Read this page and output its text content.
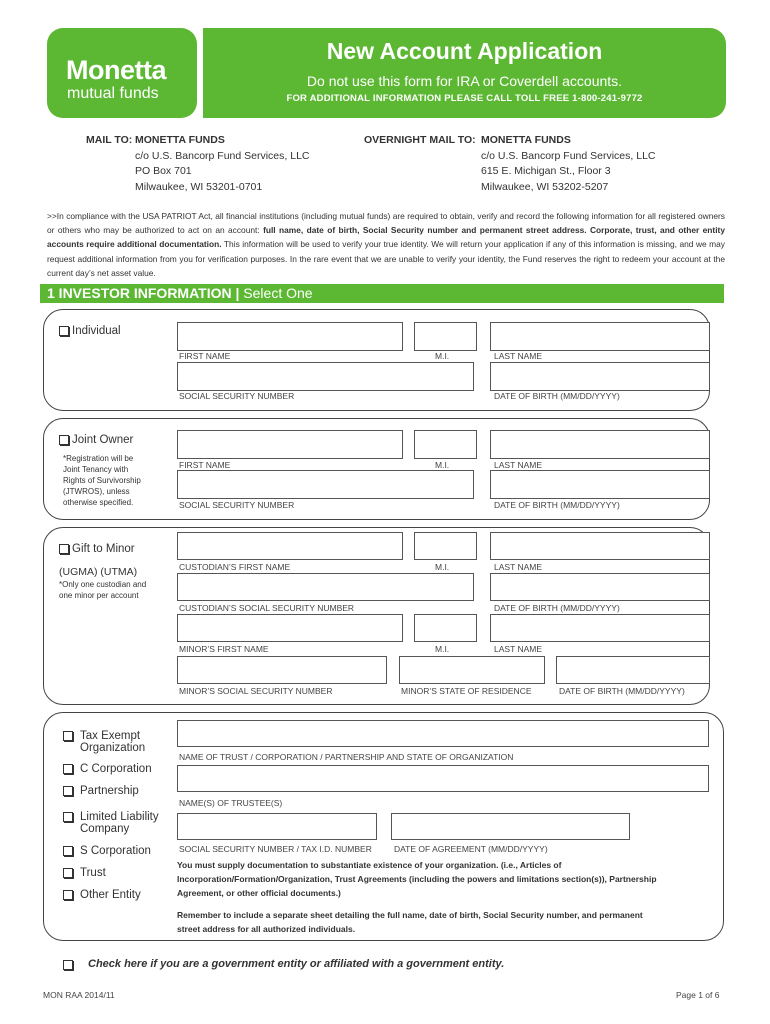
Monetta
mutual funds
New Account Application
Do not use this form for IRA or Coverdell accounts.
FOR ADDITIONAL INFORMATION PLEASE CALL TOLL FREE 1-800-241-9772
MAIL TO: MONETTA FUNDS
c/o U.S. Bancorp Fund Services, LLC
PO Box 701
Milwaukee, WI 53201-0701
OVERNIGHT MAIL TO: MONETTA FUNDS
c/o U.S. Bancorp Fund Services, LLC
615 E. Michigan St., Floor 3
Milwaukee, WI 53202-5207
>>In compliance with the USA PATRIOT Act, all financial institutions (including mutual funds) are required to obtain, verify and record the following information for all registered owners or others who may be authorized to act on an account: full name, date of birth, Social Security number and permanent street address. Corporate, trust, and other entity accounts require additional documentation. This information will be used to verify your true identity. We will return your application if any of this information is missing, and we may request additional information from you for verification purposes. In the rare event that we are unable to verify your identity, the Fund reserves the right to redeem your account at the current day’s net asset value.
1 INVESTOR INFORMATION | Select One
Individual
FIRST NAME	M.I.	LAST NAME
SOCIAL SECURITY NUMBER	DATE OF BIRTH (MM/DD/YYYY)
Joint Owner
*Registration will be
Joint Tenancy with
Rights of Survivorship
(JTWROS), unless
otherwise specified.
FIRST NAME	M.I.	LAST NAME
SOCIAL SECURITY NUMBER	DATE OF BIRTH (MM/DD/YYYY)
Gift to Minor
(UGMA) (UTMA)
*Only one custodian and
one minor per account
CUSTODIAN’S FIRST NAME	M.I.	LAST NAME
CUSTODIAN’S SOCIAL SECURITY NUMBER	DATE OF BIRTH (MM/DD/YYYY)
MINOR’S FIRST NAME	M.I.	LAST NAME
MINOR’S SOCIAL SECURITY NUMBER	MINOR’S STATE OF RESIDENCE	DATE OF BIRTH (MM/DD/YYYY)
Tax Exempt
Organization
C Corporation
Partnership
Limited Liability
Company
S Corporation
Trust
Other Entity
NAME OF TRUST / CORPORATION / PARTNERSHIP AND STATE OF ORGANIZATION
NAME(S) OF TRUSTEE(S)
SOCIAL SECURITY NUMBER / TAX I.D. NUMBER	DATE OF AGREEMENT (MM/DD/YYYY)
You must supply documentation to substantiate existence of your organization. (i.e., Articles of
Incorporation/Formation/Organization, Trust Agreements (including the powers and limitations section(s)), Partnership
Agreement, or other official documents.)
Remember to include a separate sheet detailing the full name, date of birth, Social Security number, and permanent
street address for all authorized individuals.
Check here if you are a government entity or affiliated with a government entity.
MON RAA 2014/11	Page 1 of 6
